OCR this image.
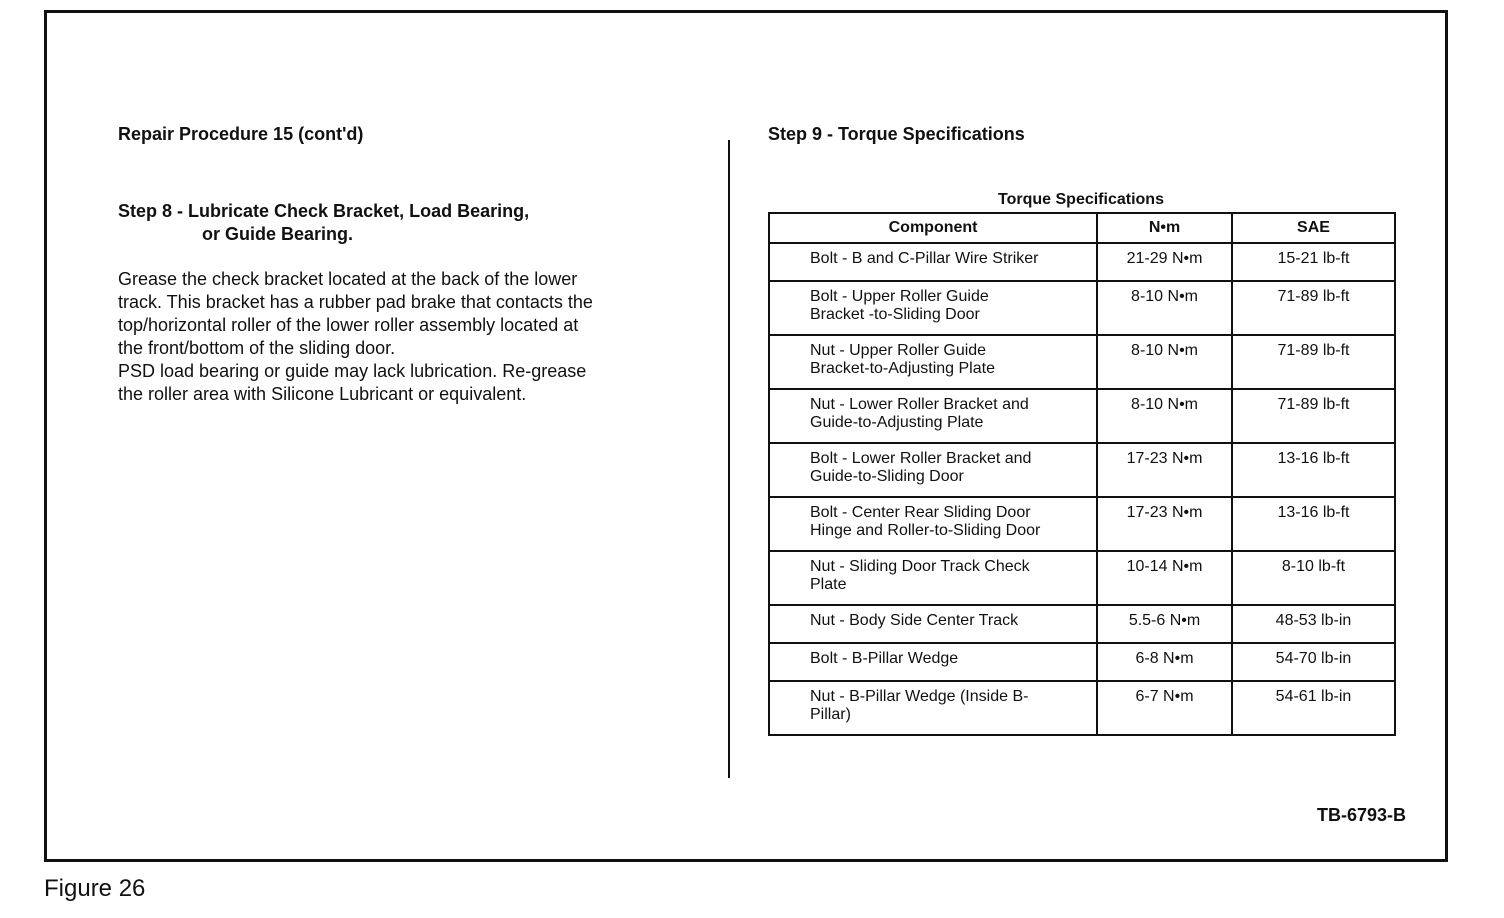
Repair Procedure 15 (cont'd)
Step 8 - Lubricate Check Bracket, Load Bearing,
or Guide Bearing.

Grease the check bracket located at the back of the lower
track. This bracket has a rubber pad brake that contacts the
top/horizontal roller of the lower roller assembly located at
the front/bottom of the sliding door.
PSD load bearing or guide may lack lubrication. Re-grease
the roller area with Silicone Lubricant or equivalent.

Step 9 - Torque Specifications
Torque Specifications
Component	N•m	SAE
Bolt - B and C-Pillar Wire Striker	21-29 N•m	15-21 lb-ft
Bolt - Upper Roller Guide
Bracket -to-Sliding Door	8-10 N•m	71-89 lb-ft
Nut - Upper Roller Guide
Bracket-to-Adjusting Plate	8-10 N•m	71-89 lb-ft
Nut - Lower Roller Bracket and
Guide-to-Adjusting Plate	8-10 N•m	71-89 lb-ft
Bolt - Lower Roller Bracket and
Guide-to-Sliding Door	17-23 N•m	13-16 lb-ft
Bolt - Center Rear Sliding Door
Hinge and Roller-to-Sliding Door	17-23 N•m	13-16 lb-ft
Nut - Sliding Door Track Check
Plate	10-14 N•m	8-10 lb-ft
Nut - Body Side Center Track	5.5-6 N•m	48-53 lb-in
Bolt - B-Pillar Wedge	6-8 N•m	54-70 lb-in
Nut - B-Pillar Wedge (Inside B-
Pillar)	6-7 N•m	54-61 lb-in
TB-6793-B
Figure 26
